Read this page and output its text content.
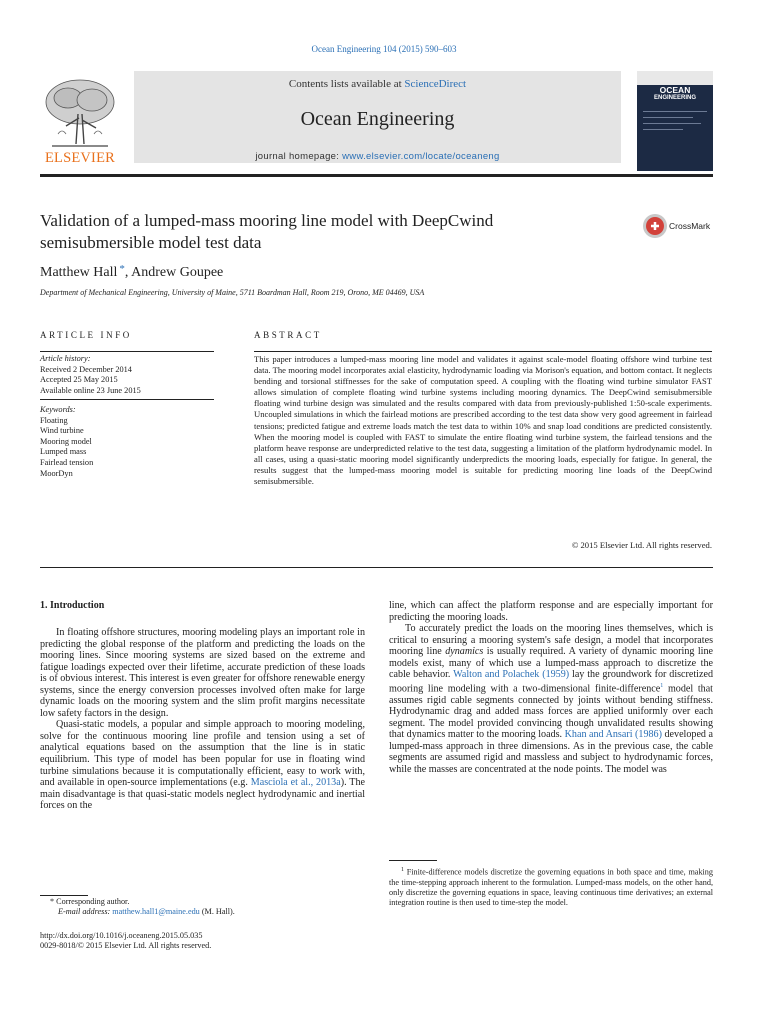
Ocean Engineering 104 (2015) 590–603
Contents lists available at ScienceDirect
Ocean Engineering
journal homepage: www.elsevier.com/locate/oceaneng
ELSEVIER
OCEAN
ENGINEERING
Validation of a lumped-mass mooring line model with DeepCwind
semisubmersible model test data
CrossMark
Matthew Hall *, Andrew Goupee
Department of Mechanical Engineering, University of Maine, 5711 Boardman Hall, Room 219, Orono, ME 04469, USA
ARTICLE INFO
Article history:
Received 2 December 2014
Accepted 25 May 2015
Available online 23 June 2015
Keywords:
Floating
Wind turbine
Mooring model
Lumped mass
Fairlead tension
MoorDyn
ABSTRACT
This paper introduces a lumped-mass mooring line model and validates it against scale-model floating offshore wind turbine test data. The mooring model incorporates axial elasticity, hydrodynamic loading via Morison's equation, and bottom contact. It neglects bending and torsional stiffnesses for the sake of computation speed. A coupling with the floating wind turbine simulator FAST allows simulation of complete floating wind turbine systems including mooring dynamics. The DeepCwind semisubmersible floating wind turbine design was simulated and the results compared with data from previously-published 1:50-scale experiments. Uncoupled simulations in which the fairlead motions are prescribed according to the test data show very good agreement in fairlead tensions; predicted fatigue and extreme loads match the test data to within 10% and snap load conditions are predicted consistently. When the mooring model is coupled with FAST to simulate the entire floating wind turbine system, the fairlead tensions and the platform heave response are underpredicted relative to the test data, suggesting a limitation of the platform hydrodynamic model. In all cases, using a quasi-static mooring model significantly underpredicts the mooring loads, especially for fatigue. In general, the results suggest that the lumped-mass mooring model is suitable for predicting mooring line loads of the DeepCwind semisubmersible.
© 2015 Elsevier Ltd. All rights reserved.
1. Introduction

In floating offshore structures, mooring modeling plays an important role in predicting the global response of the platform and predicting the loads on the mooring lines. Since mooring systems are sized based on the extreme and fatigue loadings expected over their lifetime, accurate prediction of these loads is of obvious interest. This interest is even greater for offshore renewable energy systems, since the energy conversion processes involved often make for large dynamic loads on the mooring system and the slim profit margins necessitate low safety factors in the design.

Quasi-static models, a popular and simple approach to mooring modeling, solve for the continuous mooring line profile and tension using a set of analytical equations based on the assumption that the line is in static equilibrium. This type of model has been popular for use in floating wind turbine simulations because it is computationally efficient, easy to work with, and available in open-source implementations (e.g. Masciola et al., 2013a). The main disadvantage is that quasi-static models neglect hydrodynamic and inertial forces on the

line, which can affect the platform response and are especially important for predicting the mooring loads.

To accurately predict the loads on the mooring lines themselves, which is critical to ensuring a mooring system's safe design, a model that incorporates mooring line dynamics is usually required. A variety of dynamic mooring line models exist, many of which use a lumped-mass approach to discretize the cable behavior. Walton and Polachek (1959) lay the groundwork for discretized mooring line modeling with a two-dimensional finite-difference$^1$ model that assumes rigid cable segments connected by joints without bending stiffness. Hydrodynamic drag and added mass forces are applied uniformly over each segment. The model provided convincing though unvalidated results showing that dynamics matter to the mooring loads. Khan and Ansari (1986) developed a lumped-mass approach in three dimensions. As in the previous case, the cable segments are assumed rigid and massless and subject to hydrodynamic forces, while the masses are concentrated at the node points. The model was

$^1$ Finite-difference models discretize the governing equations in both space and time, making the time-stepping approach inherent to the formulation. Lumped-mass models, on the other hand, only discretize the governing equations in space, leaving continuous time derivatives; an external integration routine is then used to time-step the model.
* Corresponding author.
E-mail address: matthew.hall1@maine.edu (M. Hall).
http://dx.doi.org/10.1016/j.oceaneng.2015.05.035
0029-8018/© 2015 Elsevier Ltd. All rights reserved.
